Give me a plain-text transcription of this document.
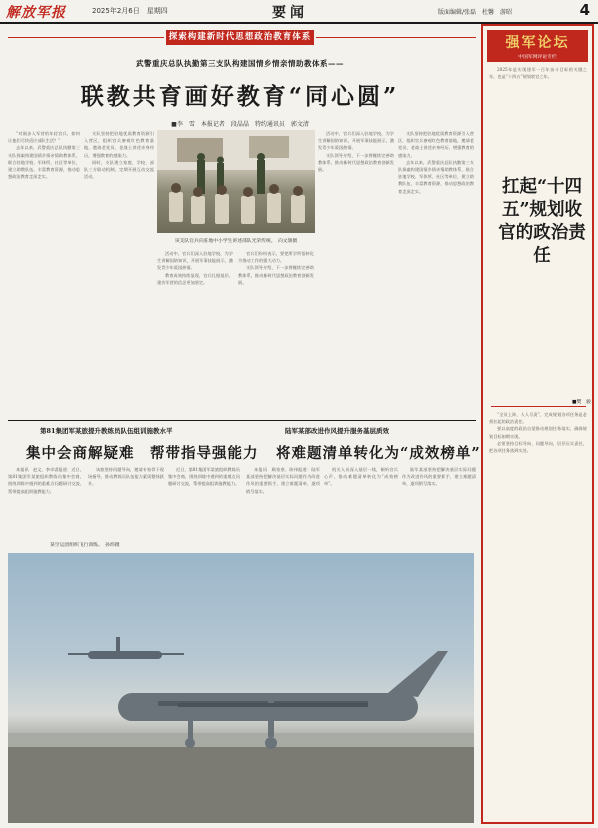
解放军报	2025年2月6日　星期四	要闻	版面编辑/张磊　杜馨　游昭	4
探索构建新时代思想政治教育体系
武警重庆总队执勤第三支队构建国情乡情亲情助教体系——
联教共育画好教育“同心圆”
■李　雪　本报记者　段晶晶　特约通讯员　郭文清

“对刚步入军营的年轻官兵，如何让他们尽快适应部队生活？”

去年以来，武警重庆总队执勤第三支队探索构建国情乡情亲情助教体系，联合驻地学校、军休所、社区等单位，建立助教队伍，丰富教育资源，推动思想政治教育走深走实。

支队坚持把驻地优质教育资源引入营区，组织官兵参观红色教育基地，邀请老党员、老战士讲述亲身经历，增强教育的感染力。

同时，支队建立家庭、学校、部队三方联动机制，定期开展互动交流活动。

该支队官兵向驻地中小学生讲述部队光荣传统。　向文颉摄

活动中，官兵们深入驻地学校，为学生讲解国防知识，开展军事技能展示，激发青少年爱国热情。

教育成效持续显现，官兵扎根基层、建功军营的信念更加坚定。

官兵们纷纷表示，要把所学所悟转化为推动工作的强大动力。

支队领导介绍，下一步将继续完善助教体系，推动新时代思想政治教育创新发展。

活动中，官兵们深入驻地学校，为学生讲解国防知识，开展军事技能展示，激发青少年爱国热情。

支队领导介绍，下一步将继续完善助教体系，推动新时代思想政治教育创新发展。

支队坚持把驻地优质教育资源引入营区，组织官兵参观红色教育基地，邀请老党员、老战士讲述亲身经历，增强教育的感染力。

去年以来，武警重庆总队执勤第三支队探索构建国情乡情亲情助教体系，联合驻地学校、军休所、社区等单位，建立助教队伍，丰富教育资源，推动思想政治教育走深走实。

第81集团军某旅提升教练员队伍组训施教水平
集中会商解疑难　帮带指导强能力

本报讯　赵文、李卓睿报道：近日，第81集团军某旅组织教练员集中会商，围绕训练中遇到的重难点问题研讨交流，帮带提高组训施教能力。

该旅坚持问题导向，邀请专家骨干现场指导，推动教练员队伍能力素质整体跃升。

近日，第81集团军某旅组织教练员集中会商，围绕训练中遇到的重难点问题研讨交流，帮带提高组训施教能力。

陆军某部改进作风提升服务基层质效
将难题清单转化为“成效榜单”

本报讯　顾家豪、陈伟报道：陆军某部坚持把解决基层实际问题作为改进作风的重要抓手，建立难题清单，逐项销号落实。

机关人员深入基层一线，倾听官兵心声，推动难题清单转化为“成效榜单”。

陆军某部坚持把解决基层实际问题作为改进作风的重要抓手，建立难题清单，逐项销号落实。

某空运团组织飞行训练。　孙炜摄
强军论坛
中国军网评论专栏

2025年是实现建军一百年奋斗目标的关键之年，也是“十四五”规划收官之年。

扛起“十四五”规划收官的政治责任
■樊　骏

“全员上阵，人人尽责”，完成规划各项任务是必须扛起的政治责任。

要以高度的政治自觉推动规划任务落实，确保规划目标如期实现。

必须坚持目标导向、问题导向，层层压实责任，把各项任务落到实处。
